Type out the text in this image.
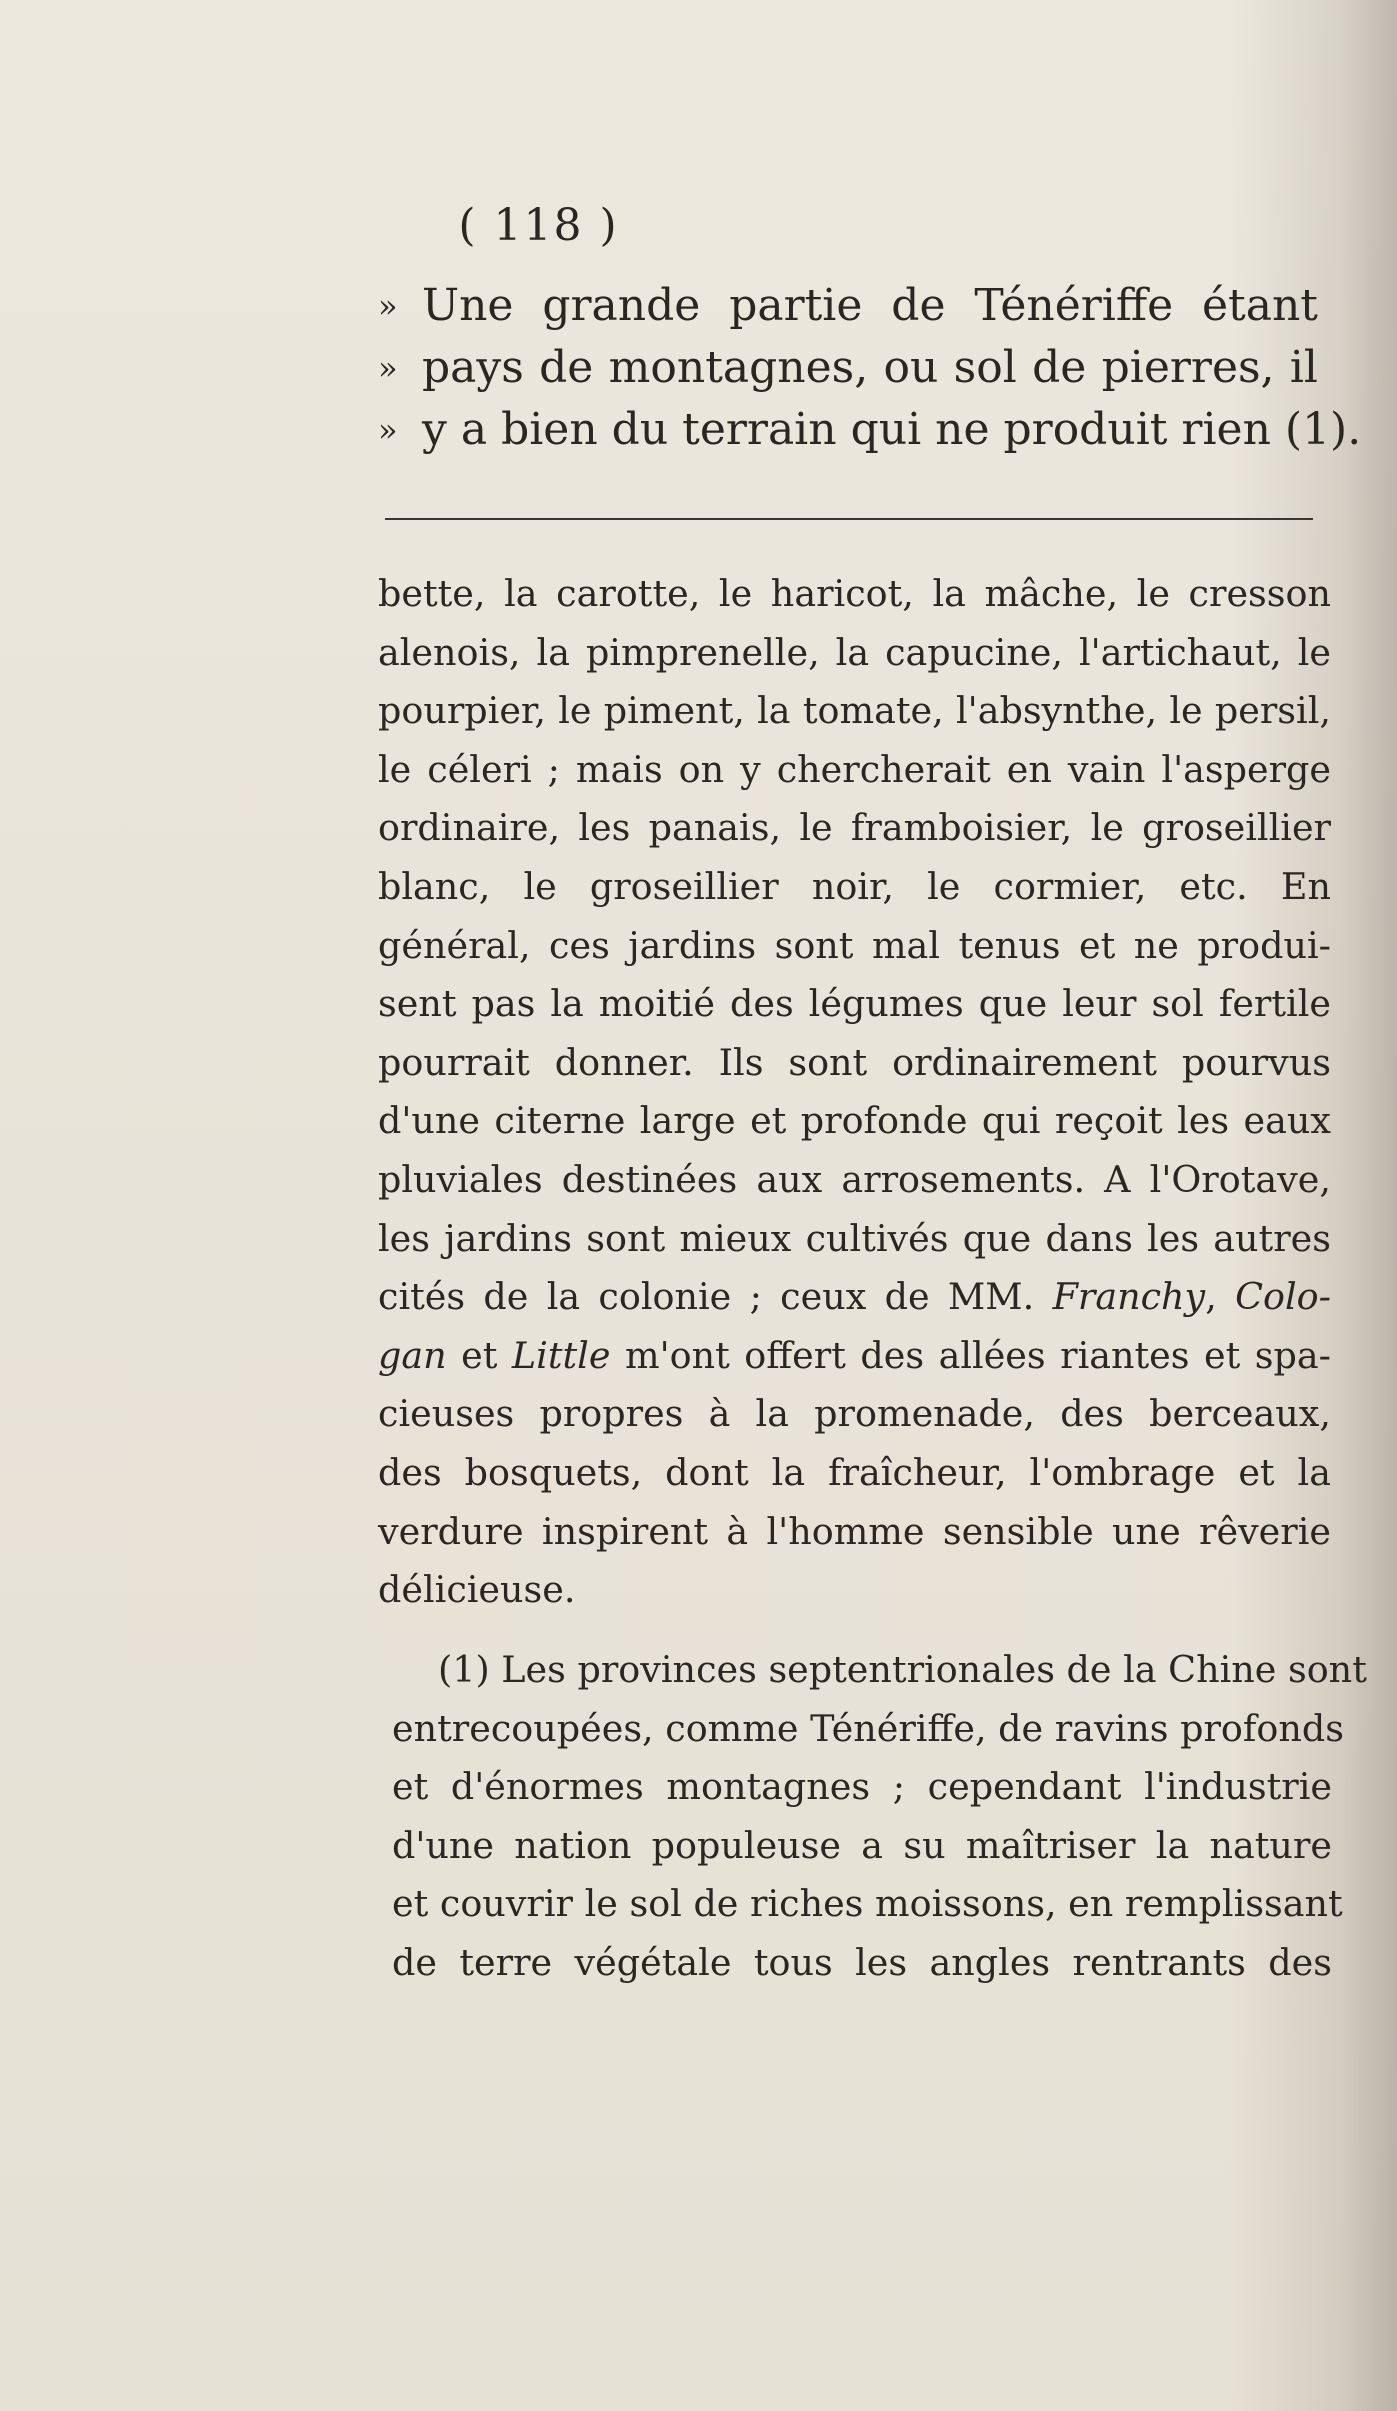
( 118 )
» Une grande partie de Ténériffe étant
» pays de montagnes, ou sol de pierres, il
» y a bien du terrain qui ne produit rien (1).
bette, la carotte, le haricot, la mâche, le cresson
alenois, la pimprenelle, la capucine, l'artichaut, le
pourpier, le piment, la tomate, l'absynthe, le persil,
le céleri ; mais on y chercherait en vain l'asperge
ordinaire, les panais, le framboisier, le groseillier
blanc, le groseillier noir, le cormier, etc. En
général, ces jardins sont mal tenus et ne produi-
sent pas la moitié des légumes que leur sol fertile
pourrait donner. Ils sont ordinairement pourvus
d'une citerne large et profonde qui reçoit les eaux
pluviales destinées aux arrosements. A l'Orotave,
les jardins sont mieux cultivés que dans les autres
cités de la colonie ; ceux de MM. Franchy, Colo-
gan et Little m'ont offert des allées riantes et spa-
cieuses propres à la promenade, des berceaux,
des bosquets, dont la fraîcheur, l'ombrage et la
verdure inspirent à l'homme sensible une rêverie
délicieuse.
(1) Les provinces septentrionales de la Chine sont
entrecoupées, comme Ténériffe, de ravins profonds
et d'énormes montagnes ; cependant l'industrie
d'une nation populeuse a su maîtriser la nature
et couvrir le sol de riches moissons, en remplissant
de terre végétale tous les angles rentrants des
